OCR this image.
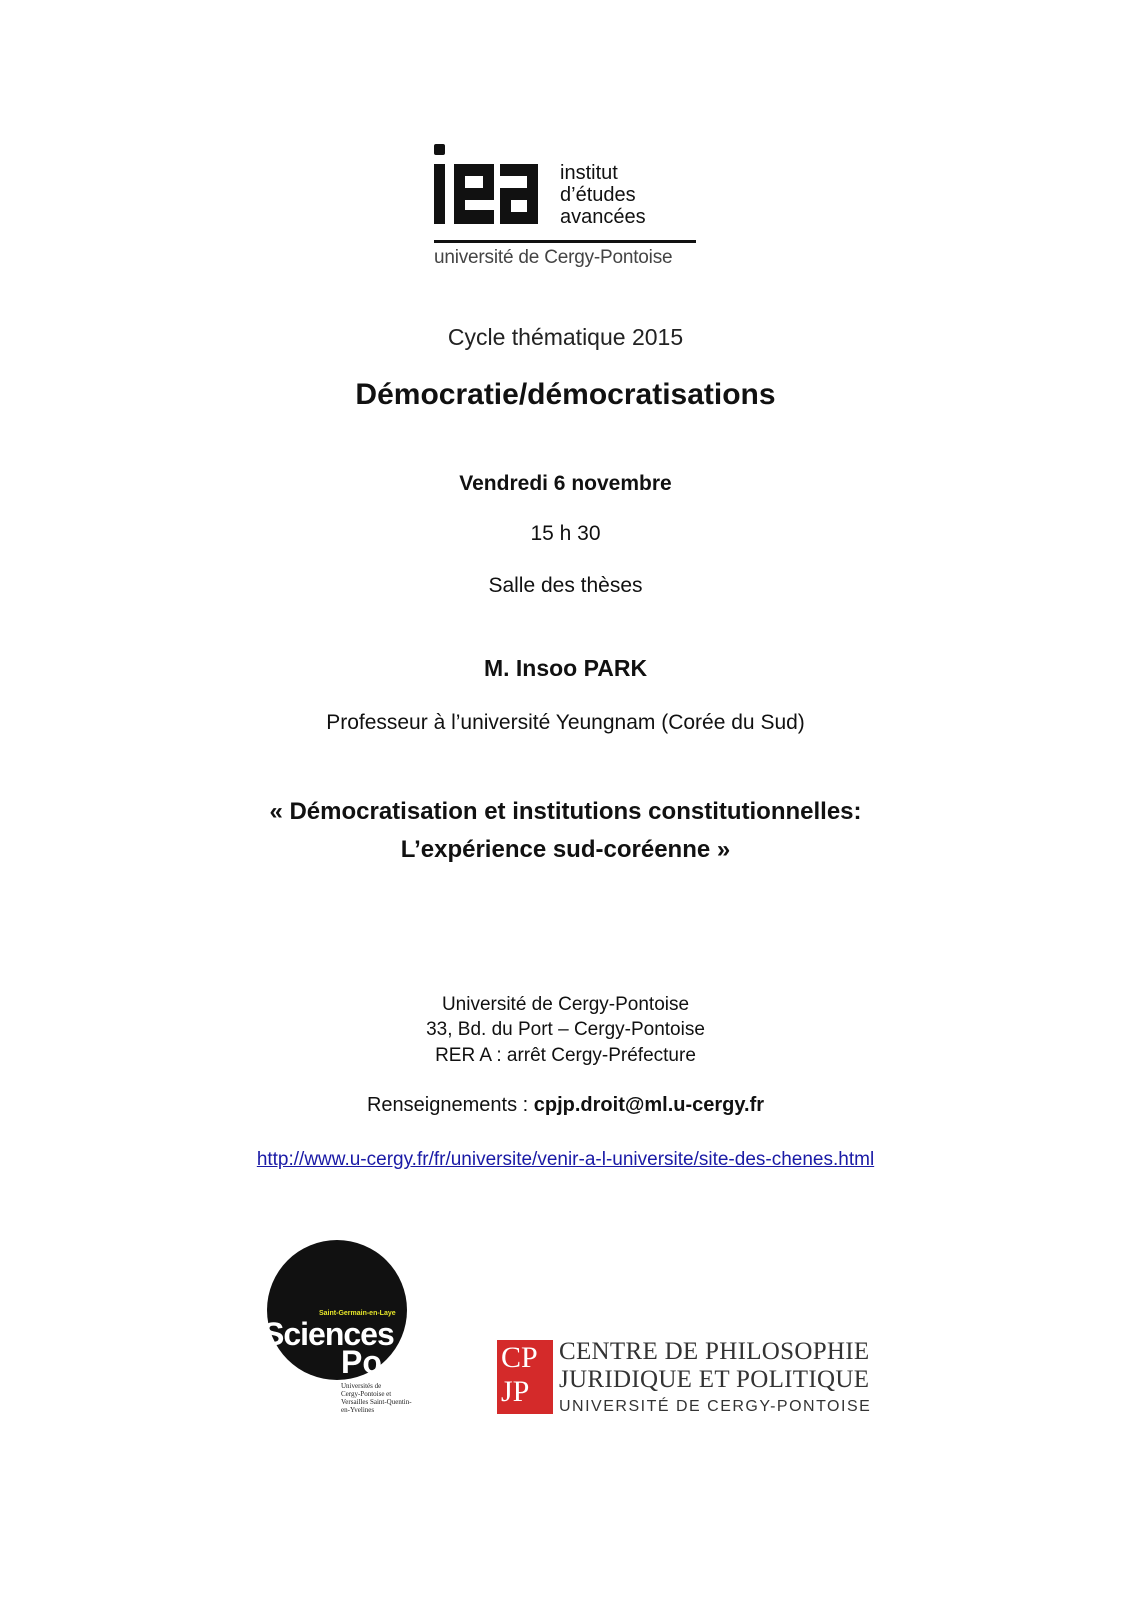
institut
d’études
avancées
université de Cergy-Pontoise
Cycle thématique 2015
Démocratie/démocratisations
Vendredi 6 novembre
15 h 30
Salle des thèses
M. Insoo PARK
Professeur à l’université Yeungnam (Corée du Sud)
« Démocratisation et institutions constitutionnelles:
L’expérience sud-coréenne »
Université de Cergy-Pontoise
33, Bd. du Port – Cergy-Pontoise
RER A : arrêt Cergy-Préfecture
Renseignements : cpjp.droit@ml.u-cergy.fr
http://www.u-cergy.fr/fr/universite/venir-a-l-universite/site-des-chenes.html
Saint-Germain-en-Laye
Sciences
Po
Universités de
Cergy-Pontoise et
Versailles Saint-Quentin-
en-Yvelines
CP
JP
CENTRE DE PHILOSOPHIE
JURIDIQUE ET POLITIQUE
UNIVERSITÉ DE CERGY-PONTOISE
